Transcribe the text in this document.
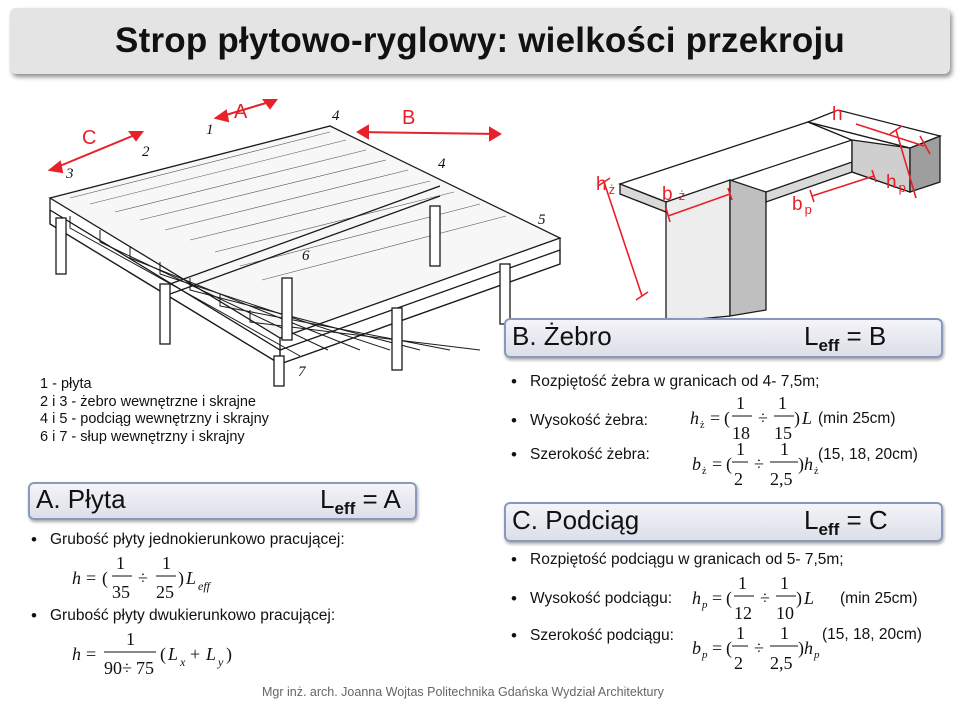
Strop płytowo-ryglowy: wielkości przekroju
C
A	B
1
2
3
4
4
5
6
7
h
h $_p$
h $_ż$ b ż	b $_p$
1 - płyta
2 i 3 - żebro wewnętrzne i skrajne
4 i 5 - podciąg wewnętrzny i skrajny
6 i 7 - słup wewnętrzny i skrajny
A. Płyta	$L_{eff} = A$
• Grubość płyty jednokierunkowo pracującej:
h = (
1
35
÷
1
25
) L eff
• Grubość płyty dwukierunkowo pracującej:
h =
1
90 ÷ 75
( L x + L y )
B. Żebro	$L_{eff} = B$
• Rozpiętość żebra w granicach od 4- 7,5m;
• Wysokość żebra: h ż = (
1
18
÷
1
15
) L (min 25cm)
• Szerokość żebra: b ż = (
1
2
÷
1
2,5
) h ż
(15, 18, 20cm)
C. Podciąg	$L_{eff} = C$
• Rozpiętość podciągu w granicach od 5- 7,5m;
• Wysokość podciągu: h p = (
1
12
÷
1
10
) L (min 25cm)
• Szerokość podciągu:
b p = (
1
2
÷
1
2,5
) h p
(15, 18, 20cm)
Mgr inż. arch. Joanna Wojtas Politechnika Gdańska Wydział Architektury
